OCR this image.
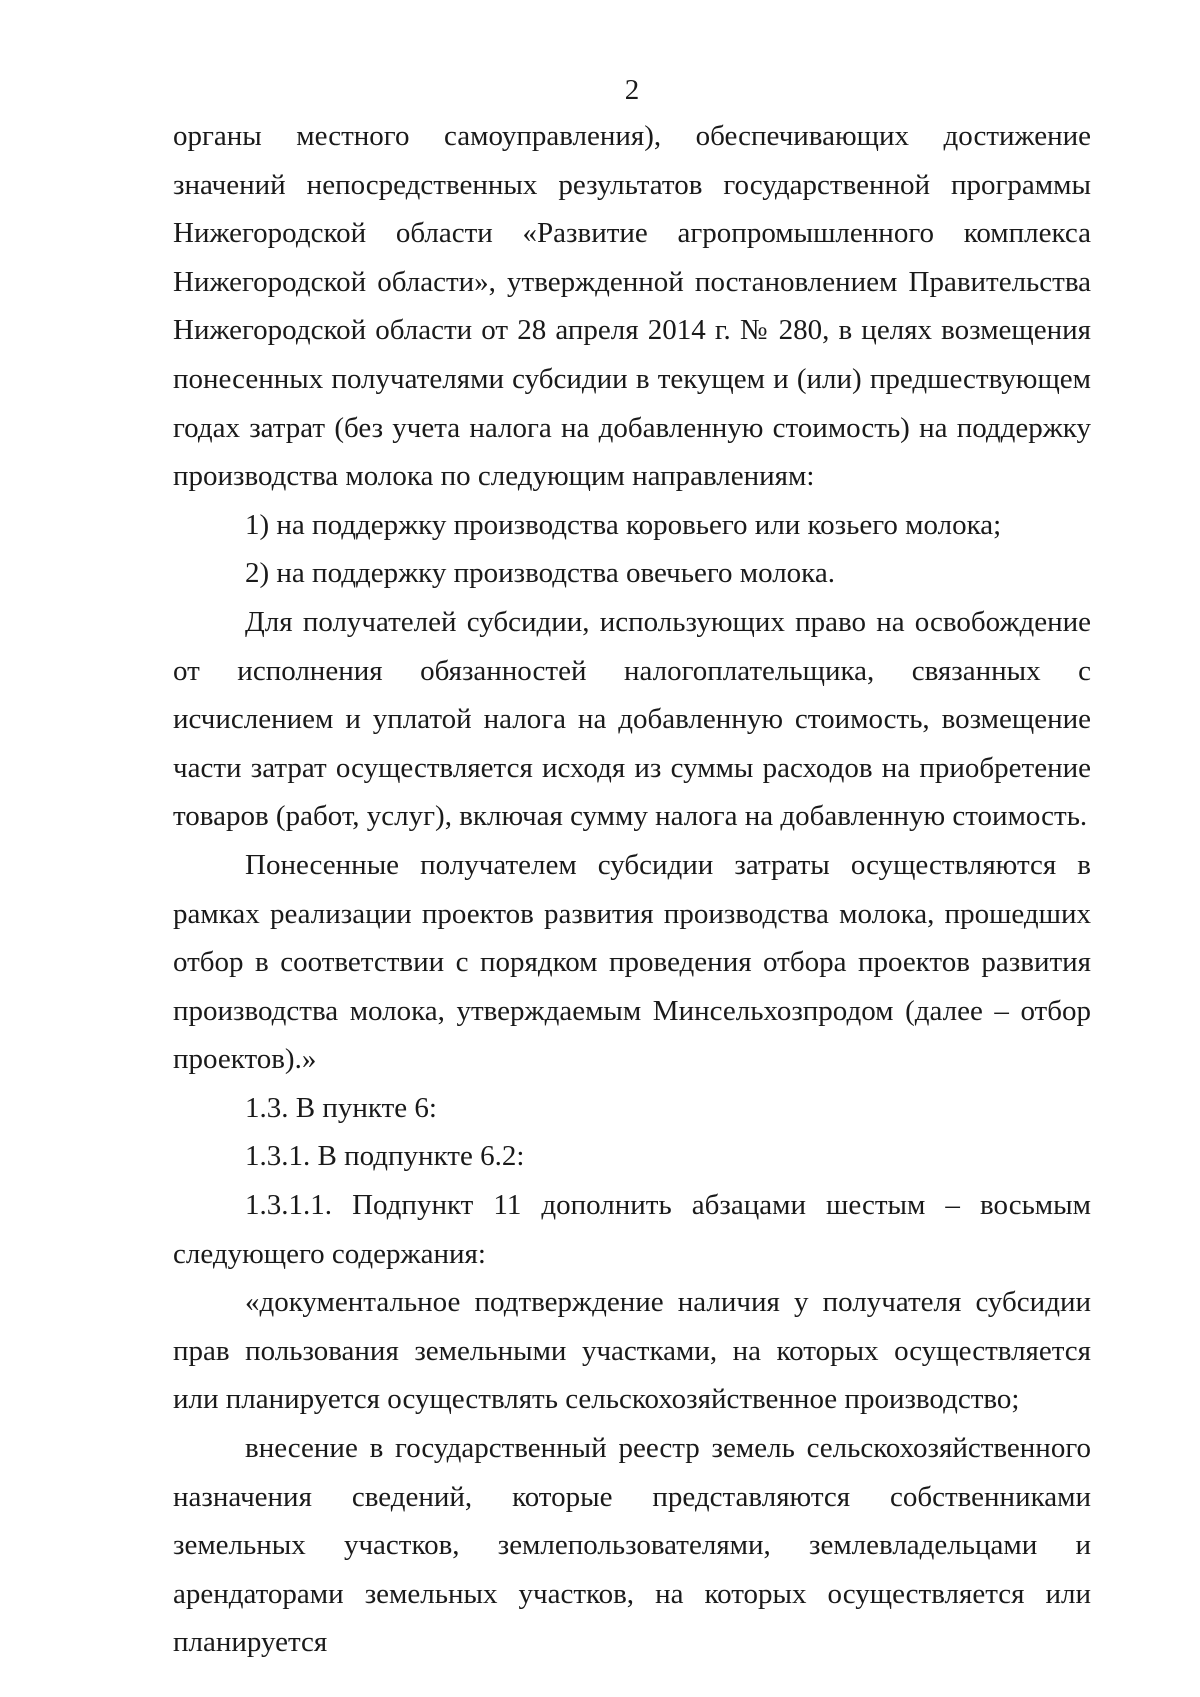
2

органы местного самоуправления), обеспечивающих достижение значений непосредственных результатов государственной программы Нижегородской области «Развитие агропромышленного комплекса Нижегородской области», утвержденной постановлением Правительства Нижегородской области от 28 апреля 2014 г. № 280, в целях возмещения понесенных получателями субсидии в текущем и (или) предшествующем годах затрат (без учета налога на добавленную стоимость) на поддержку производства молока по следующим направлениям:

1) на поддержку производства коровьего или козьего молока;

2) на поддержку производства овечьего молока.

Для получателей субсидии, использующих право на освобождение от исполнения обязанностей налогоплательщика, связанных с исчислением и уплатой налога на добавленную стоимость, возмещение части затрат осуществляется исходя из суммы расходов на приобретение товаров (работ, услуг), включая сумму налога на добавленную стоимость.

Понесенные получателем субсидии затраты осуществляются в рамках реализации проектов развития производства молока, прошедших отбор в соответствии с порядком проведения отбора проектов развития производства молока, утверждаемым Минсельхозпродом (далее – отбор проектов).»

1.3. В пункте 6:

1.3.1. В подпункте 6.2:

1.3.1.1. Подпункт 11 дополнить абзацами шестым – восьмым следующего содержания:

«документальное подтверждение наличия у получателя субсидии прав пользования земельными участками, на которых осуществляется или планируется осуществлять сельскохозяйственное производство;

внесение в государственный реестр земель сельскохозяйственного назначения сведений, которые представляются собственниками земельных участков, землепользователями, землевладельцами и арендаторами земельных участков, на которых осуществляется или планируется
